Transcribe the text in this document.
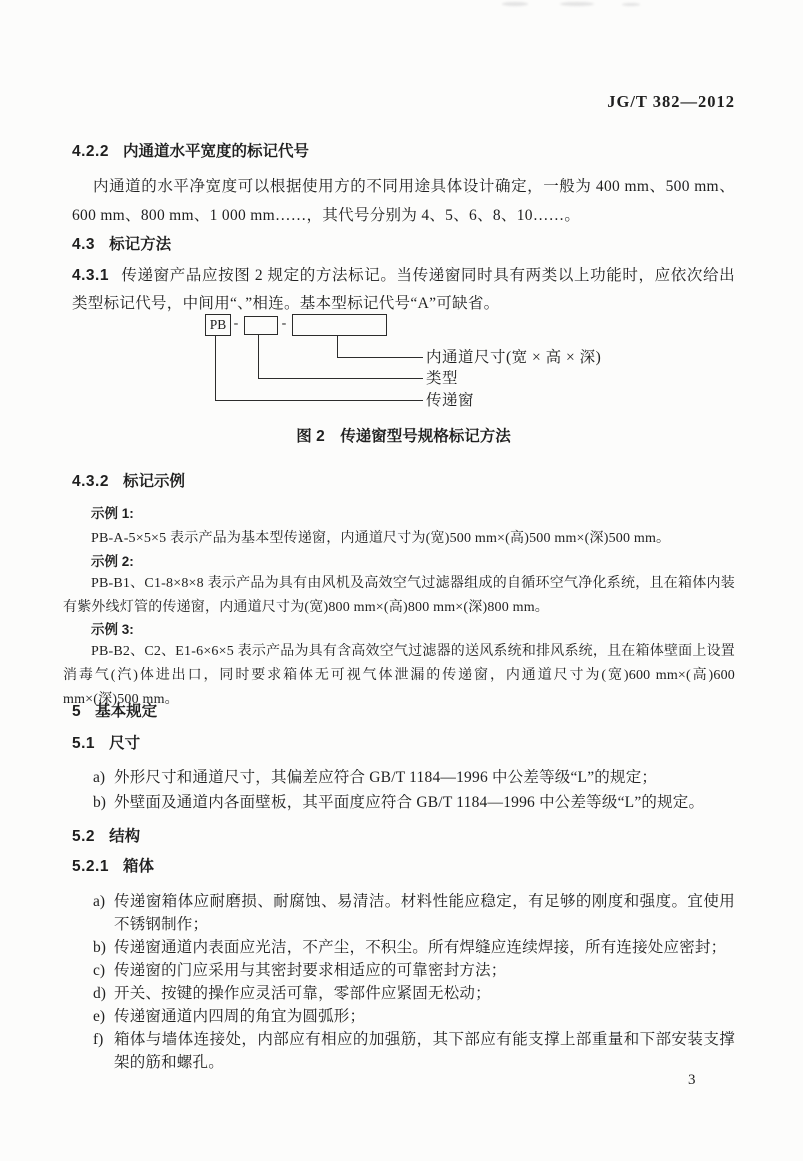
JG/T 382—2012
4.2.2 内通道水平宽度的标记代号
内通道的水平净宽度可以根据使用方的不同用途具体设计确定，一般为 400 mm、500 mm、600 mm、800 mm、1 000 mm……，其代号分别为 4、5、6、8、10……。
4.3 标记方法
4.3.1 传递窗产品应按图 2 规定的方法标记。当传递窗同时具有两类以上功能时，应依次给出类型标记代号，中间用“、”相连。基本型标记代号“A”可缺省。
PB -	-
内通道尺寸(宽 × 高 × 深)
类型
传递窗
图 2　传递窗型号规格标记方法
4.3.2 标记示例
示例 1:
PB-A-5×5×5 表示产品为基本型传递窗，内通道尺寸为(宽)500 mm×(高)500 mm×(深)500 mm。
示例 2:
PB-B1、C1-8×8×8 表示产品为具有由风机及高效空气过滤器组成的自循环空气净化系统，且在箱体内装有紫外线灯管的传递窗，内通道尺寸为(宽)800 mm×(高)800 mm×(深)800 mm。
示例 3:
PB-B2、C2、E1-6×6×5 表示产品为具有含高效空气过滤器的送风系统和排风系统，且在箱体壁面上设置消毒气(汽)体进出口，同时要求箱体无可视气体泄漏的传递窗，内通道尺寸为(宽)600 mm×(高)600 mm×(深)500 mm。
5 基本规定
5.1 尺寸
a) 外形尺寸和通道尺寸，其偏差应符合 GB/T 1184—1996 中公差等级“L”的规定；
b) 外壁面及通道内各面壁板，其平面度应符合 GB/T 1184—1996 中公差等级“L”的规定。
5.2 结构
5.2.1 箱体
a) 传递窗箱体应耐磨损、耐腐蚀、易清洁。材料性能应稳定，有足够的刚度和强度。宜使用不锈钢制作；
b) 传递窗通道内表面应光洁，不产尘，不积尘。所有焊缝应连续焊接，所有连接处应密封；
c) 传递窗的门应采用与其密封要求相适应的可靠密封方法；
d) 开关、按键的操作应灵活可靠，零部件应紧固无松动；
e) 传递窗通道内四周的角宜为圆弧形；
f) 箱体与墙体连接处，内部应有相应的加强筋，其下部应有能支撑上部重量和下部安装支撑架的筋和螺孔。
3
